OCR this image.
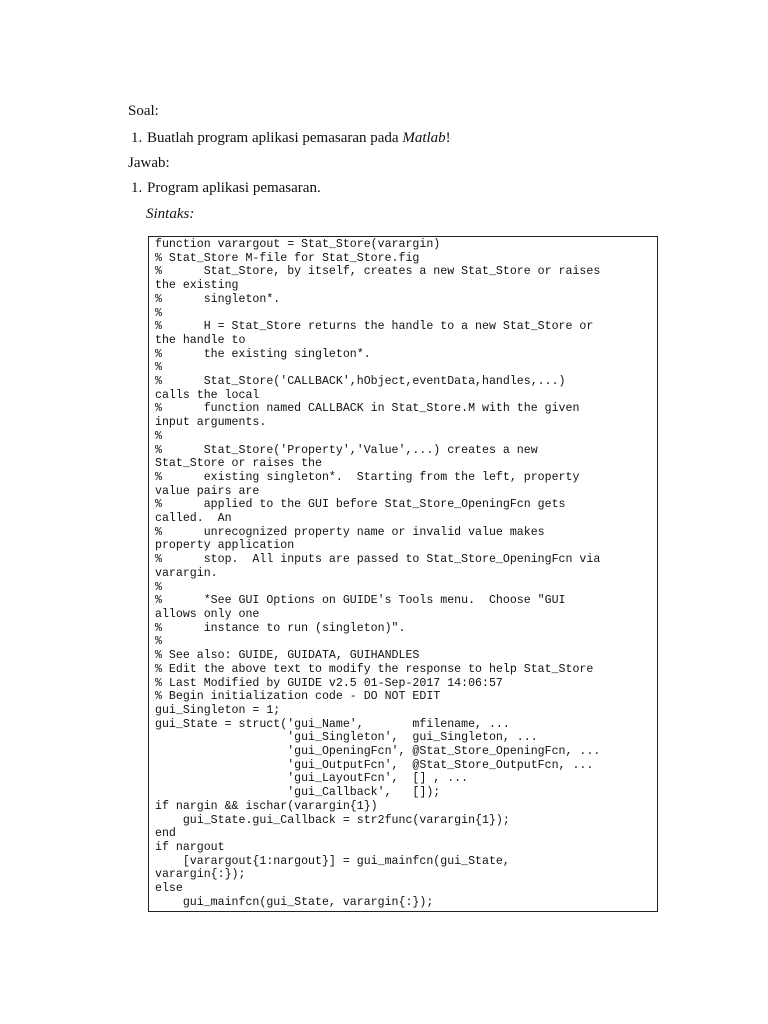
Soal:
1. Buatlah program aplikasi pemasaran pada Matlab!
Jawab:
1. Program aplikasi pemasaran.
Sintaks:
function varargout = Stat_Store(varargin)
% Stat_Store M-file for Stat_Store.fig
%      Stat_Store, by itself, creates a new Stat_Store or raises
the existing
%      singleton*.
%
%      H = Stat_Store returns the handle to a new Stat_Store or
the handle to
%      the existing singleton*.
%
%      Stat_Store('CALLBACK',hObject,eventData,handles,...)
calls the local
%      function named CALLBACK in Stat_Store.M with the given
input arguments.
%
%      Stat_Store('Property','Value',...) creates a new
Stat_Store or raises the
%      existing singleton*.  Starting from the left, property
value pairs are
%      applied to the GUI before Stat_Store_OpeningFcn gets
called.  An
%      unrecognized property name or invalid value makes
property application
%      stop.  All inputs are passed to Stat_Store_OpeningFcn via
varargin.
%
%      *See GUI Options on GUIDE's Tools menu.  Choose "GUI
allows only one
%      instance to run (singleton)".
%
% See also: GUIDE, GUIDATA, GUIHANDLES
% Edit the above text to modify the response to help Stat_Store
% Last Modified by GUIDE v2.5 01-Sep-2017 14:06:57
% Begin initialization code - DO NOT EDIT
gui_Singleton = 1;
gui_State = struct('gui_Name',       mfilename, ...
'gui_Singleton',  gui_Singleton, ...
'gui_OpeningFcn', @Stat_Store_OpeningFcn, ...
'gui_OutputFcn',  @Stat_Store_OutputFcn, ...
'gui_LayoutFcn',  [] , ...
'gui_Callback',   []);
if nargin && ischar(varargin{1})
gui_State.gui_Callback = str2func(varargin{1});
end
if nargout
[varargout{1:nargout}] = gui_mainfcn(gui_State,
varargin{:});
else
gui_mainfcn(gui_State, varargin{:});
